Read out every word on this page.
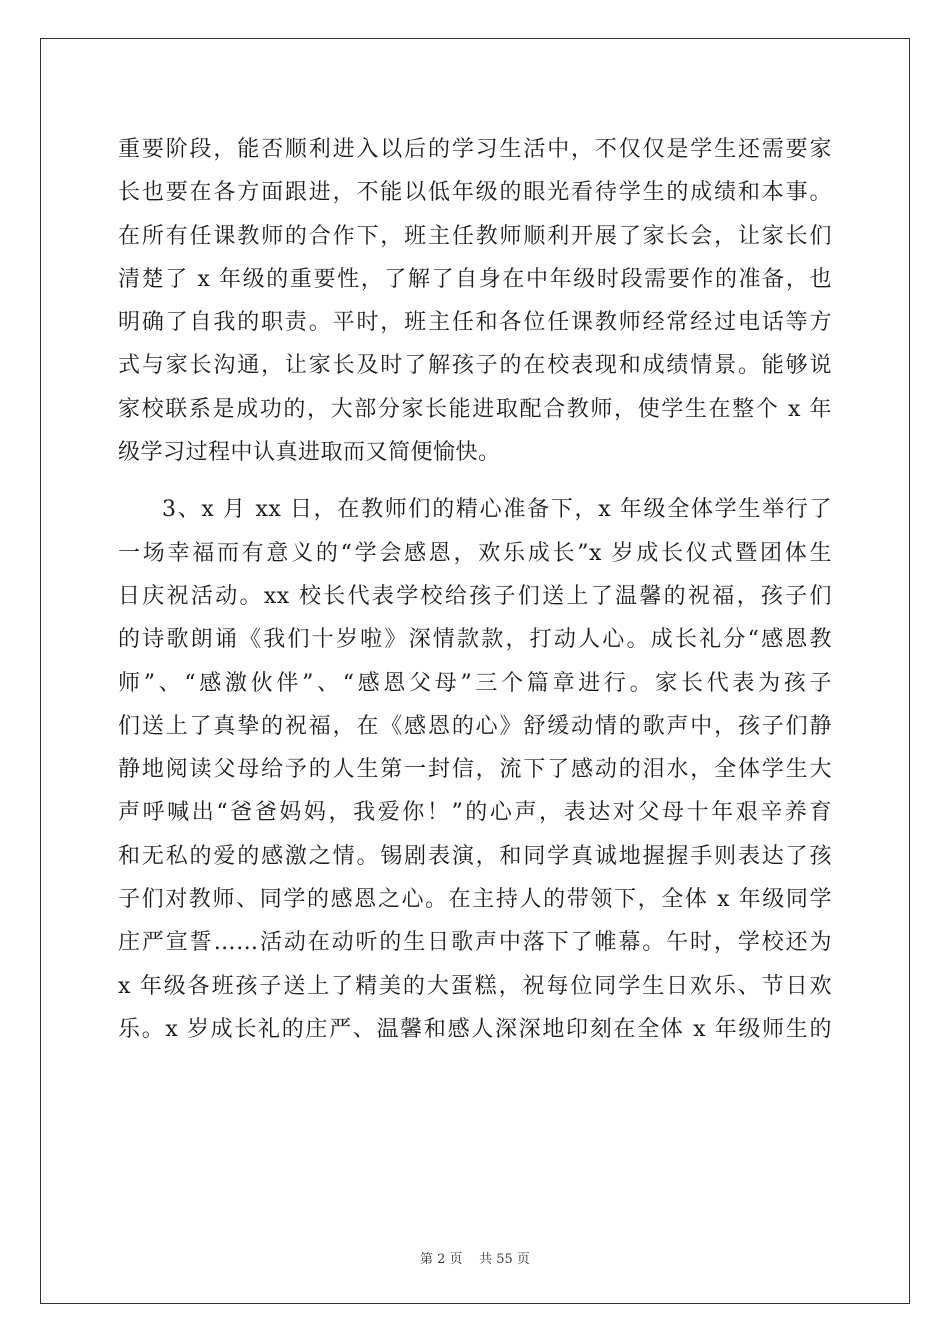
重要阶段，能否顺利进入以后的学习生活中，不仅仅是学生还需要家
长也要在各方面跟进，不能以低年级的眼光看待学生的成绩和本事。
在所有任课教师的合作下，班主任教师顺利开展了家长会，让家长们
清楚了 x 年级的重要性，了解了自身在中年级时段需要作的准备，也
明确了自我的职责。平时，班主任和各位任课教师经常经过电话等方
式与家长沟通，让家长及时了解孩子的在校表现和成绩情景。能够说
家校联系是成功的，大部分家长能进取配合教师，使学生在整个 x 年
级学习过程中认真进取而又简便愉快。
3、x 月 xx 日，在教师们的精心准备下，x 年级全体学生举行了
一场幸福而有意义的“学会感恩，欢乐成长”x 岁成长仪式暨团体生
日庆祝活动。xx 校长代表学校给孩子们送上了温馨的祝福，孩子们
的诗歌朗诵《我们十岁啦》深情款款，打动人心。成长礼分“感恩教
师”、“感激伙伴”、“感恩父母”三个篇章进行。家长代表为孩子
们送上了真挚的祝福，在《感恩的心》舒缓动情的歌声中，孩子们静
静地阅读父母给予的人生第一封信，流下了感动的泪水，全体学生大
声呼喊出“爸爸妈妈，我爱你！”的心声，表达对父母十年艰辛养育
和无私的爱的感激之情。锡剧表演，和同学真诚地握握手则表达了孩
子们对教师、同学的感恩之心。在主持人的带领下，全体 x 年级同学
庄严宣誓……活动在动听的生日歌声中落下了帷幕。午时，学校还为
x 年级各班孩子送上了精美的大蛋糕，祝每位同学生日欢乐、节日欢
乐。x 岁成长礼的庄严、温馨和感人深深地印刻在全体 x 年级师生的
第 2 页 共 55 页
